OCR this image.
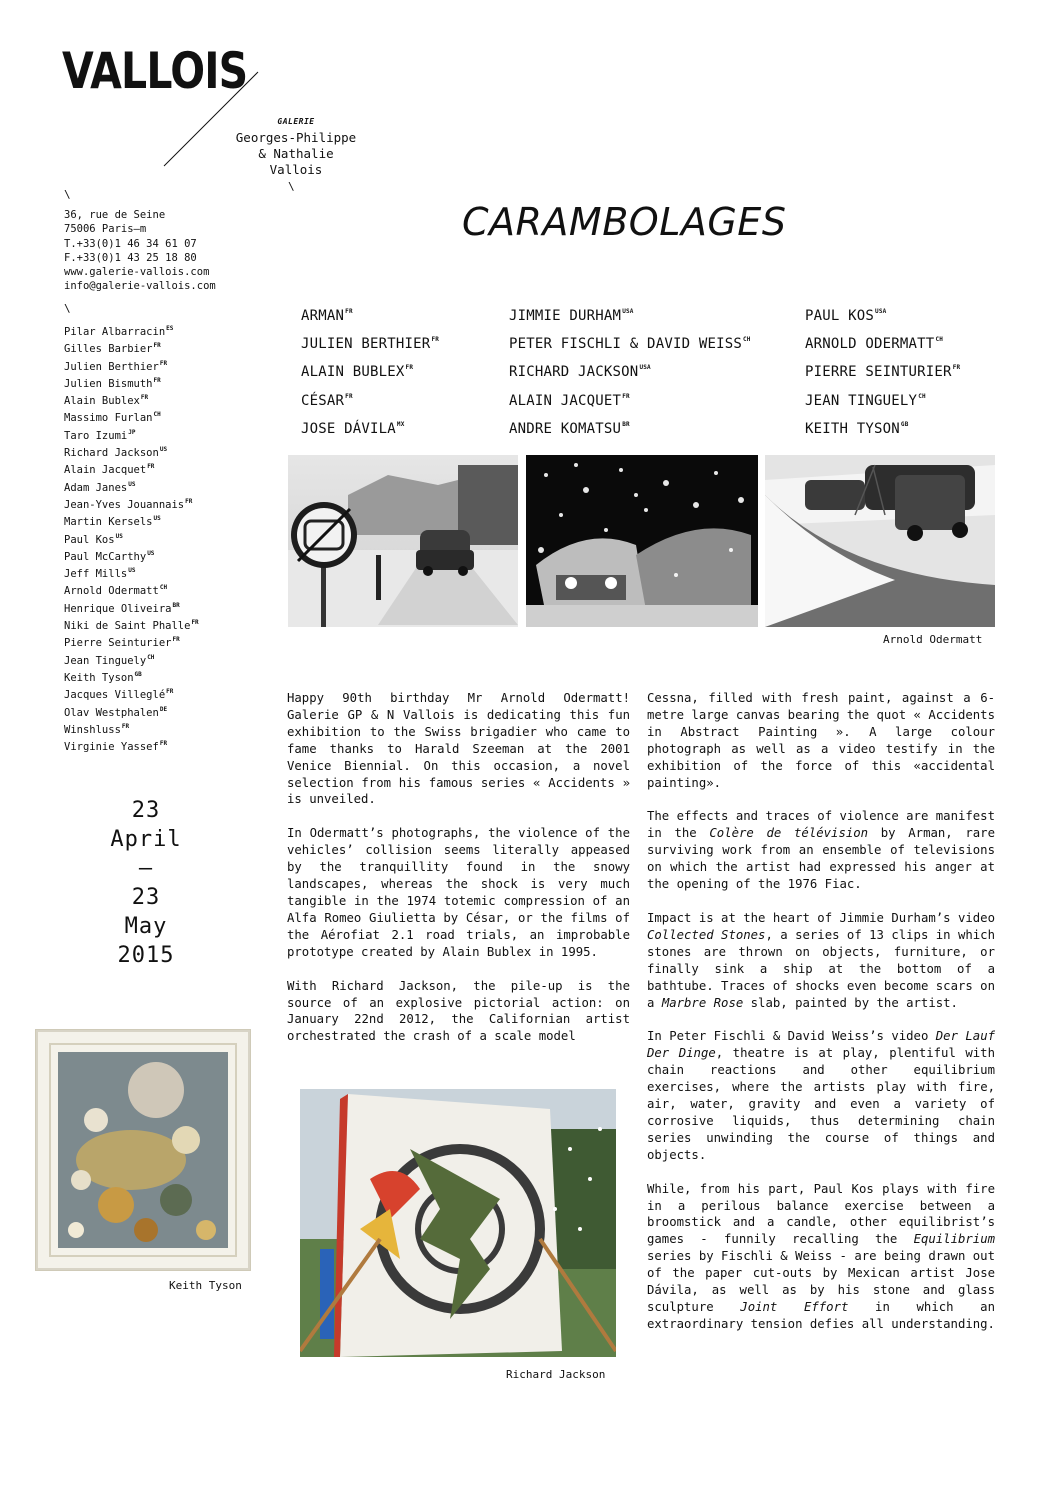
VALLOIS
GALERIE
Georges-Philippe
& Nathalie
Vallois
\
\
36, rue de Seine
75006 Paris—m
T.+33(0)1 46 34 61 07
F.+33(0)1 43 25 18 80
www.galerie-vallois.com
info@galerie-vallois.com
\
Pilar Albarracin$^{ES}$
Gilles Barbier$^{FR}$
Julien Berthier$^{FR}$
Julien Bismuth$^{FR}$
Alain Bublex$^{FR}$
Massimo Furlan$^{CH}$
Taro Izumi$^{JP}$
Richard Jackson$^{US}$
Alain Jacquet$^{FR}$
Adam Janes$^{US}$
Jean-Yves Jouannais$^{FR}$
Martin Kersels$^{US}$
Paul Kos$^{US}$
Paul McCarthy$^{US}$
Jeff Mills$^{US}$
Arnold Odermatt$^{CH}$
Henrique Oliveira$^{BR}$
Niki de Saint Phalle$^{FR}$
Pierre Seinturier$^{FR}$
Jean Tinguely$^{CH}$
Keith Tyson$^{GB}$
Jacques Villeglé$^{FR}$
Olav Westphalen$^{DE}$
Winshluss$^{FR}$
Virginie Yassef$^{FR}$
CARAMBOLAGES
$ARMAN^{FR}$
JULIEN $BERTHIER^{FR}$
ALAIN $BUBLEX^{FR}$
$CÉSAR^{FR}$
JOSE $DÁVILA^{MX}$
JIMMIE $DURHAM^{USA}$
PETER FISCHLI & DAVID $WEISS^{CH}$
RICHARD $JACKSON^{USA}$
ALAIN $JACQUET^{FR}$
ANDRE $KOMATSU^{BR}$
PAUL $KOS^{USA}$
ARNOLD $ODERMATT^{CH}$
PIERRE $SEINTURIER^{FR}$
JEAN $TINGUELY^{CH}$
KEITH $TYSON^{GB}$
Arnold Odermatt
23
April
—
23
May
2015
Keith Tyson
Richard Jackson

Happy 90th birthday Mr Arnold Odermatt! Galerie GP & N Vallois is dedicating this fun exhibition to the Swiss brigadier who came to fame thanks to Harald Szeeman at the 2001 Venice Biennial. On this occasion, a novel selection from his famous series « Accidents » is unveiled.

In Odermatt’s photographs, the violence of the vehicles’ collision seems literally appeased by the tranquillity found in the snowy landscapes, whereas the shock is very much tangible in the 1974 totemic compression of an Alfa Romeo Giulietta by César, or the films of the Aérofiat 2.1 road trials, an improbable prototype created by Alain Bublex in 1995.

With Richard Jackson, the pile-up is the source of an explosive pictorial action: on January 22nd 2012, the Californian artist orchestrated the crash of a scale model

Cessna, filled with fresh paint, against a 6-metre large canvas bearing the quot « Accidents in Abstract Painting ». A large colour photograph as well as a video testify in the exhibition of the force of this «accidental painting».

The effects and traces of violence are manifest in the Colère de télévision by Arman, rare surviving work from an ensemble of televisions on which the artist had expressed his anger at the opening of the 1976 Fiac.

Impact is at the heart of Jimmie Durham’s video Collected Stones, a series of 13 clips in which stones are thrown on objects, furniture, or finally sink a ship at the bottom of a bathtube. Traces of shocks even become scars on a Marbre Rose slab, painted by the artist.

In Peter Fischli & David Weiss’s video Der Lauf Der Dinge, theatre is at play, plentiful with chain reactions and other equilibrium exercises, where the artists play with fire, air, water, gravity and even a variety of corrosive liquids, thus determining chain series unwinding the course of things and objects.

While, from his part, Paul Kos plays with fire in a perilous balance exercise between a broomstick and a candle, other equilibrist’s games - funnily recalling the Equilibrium series by Fischli & Weiss - are being drawn out of the paper cut-outs by Mexican artist Jose Dávila, as well as by his stone and glass sculpture Joint Effort in which an extraordinary tension defies all understanding.
